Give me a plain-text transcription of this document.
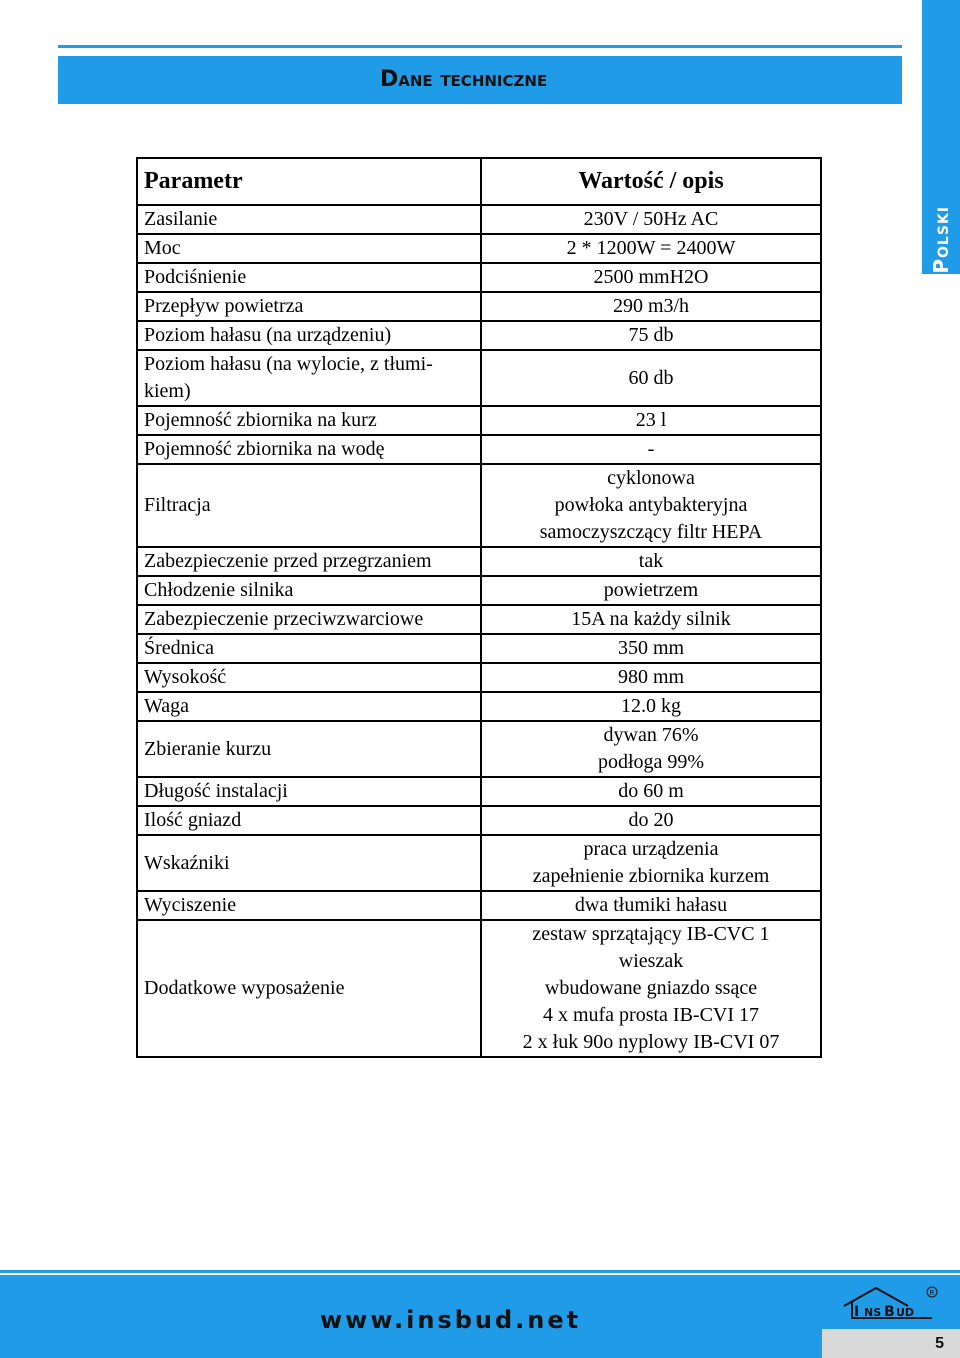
Dane techniczne
Polski
Parametr	Wartość / opis

Zasilanie	230V / 50Hz AC

Moc	2 * 1200W = 2400W

Podciśnienie	2500 mmH2O

Przepływ powietrza	290 m3/h

Poziom hałasu (na urządzeniu)	75 db

Poziom hałasu (na wylocie, z tłumi-
kiem)	60 db

Pojemność zbiornika na kurz	23 l

Pojemność zbiornika na wodę	-

Filtracja	cyklonowa
powłoka antybakteryjna
samoczyszczący filtr HEPA

Zabezpieczenie przed przegrzaniem	tak

Chłodzenie silnika	powietrzem

Zabezpieczenie przeciwzwarciowe	15A na każdy silnik

Średnica	350 mm

Wysokość	980 mm

Waga	12.0 kg

Zbieranie kurzu	dywan 76%
podłoga 99%

Długość instalacji	do 60 m

Ilość gniazd	do 20

Wskaźniki	praca urządzenia
zapełnienie zbiornika kurzem

Wyciszenie	dwa tłumiki hałasu

Dodatkowe wyposażenie	zestaw sprzątający IB-CVC 1
wieszak
wbudowane gniazdo ssące
4 x mufa prosta IB-CVI 17
2 x łuk 90o nyplowy IB-CVI 07
www.insbud.net	I NS B UD
R
5
